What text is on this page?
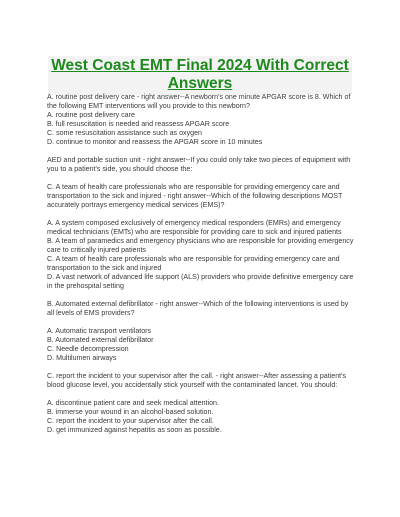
West Coast EMT Final 2024 With Correct Answers

A. routine post delivery care - right answer--A newborn's one minute APGAR score is 8. Which of the following EMT interventions will you provide to this newborn?

A. routine post delivery care

B. full resuscitation is needed and reassess APGAR score

C. some resuscitation assistance such as oxygen

D. continue to monitor and reassess the APGAR score in 10 minutes

AED and portable suction unit - right answer--If you could only take two pieces of equipment with you to a patient's side, you should choose the:

C. A team of health care professionals who are responsible for providing emergency care and transportation to the sick and injured - right answer--Which of the following descriptions MOST accurately portrays emergency medical services (EMS)?

A. A system composed exclusively of emergency medical responders (EMRs) and emergency medical technicians (EMTs) who are responsible for providing care to sick and injured patients

B. A team of paramedics and emergency physicians who are responsible for providing emergency care to critically injured patients

C. A team of health care professionals who are responsible for providing emergency care and transportation to the sick and injured

D. A vast network of advanced life support (ALS) providers who provide definitive emergency care in the prehospital setting

B. Automated external defibrillator - right answer--Which of the following interventions is used by all levels of EMS providers?

A. Automatic transport ventilators

B. Automated external defibrillator

C. Needle decompression

D. Multilumen airways

C. report the incident to your supervisor after the call. - right answer--After assessing a patient's blood glucose level, you accidentally stick yourself with the contaminated lancet. You should:

A. discontinue patient care and seek medical attention.

B. immerse your wound in an alcohol-based solution.

C. report the incident to your supervisor after the call.

D. get immunized against hepatitis as soon as possible.
